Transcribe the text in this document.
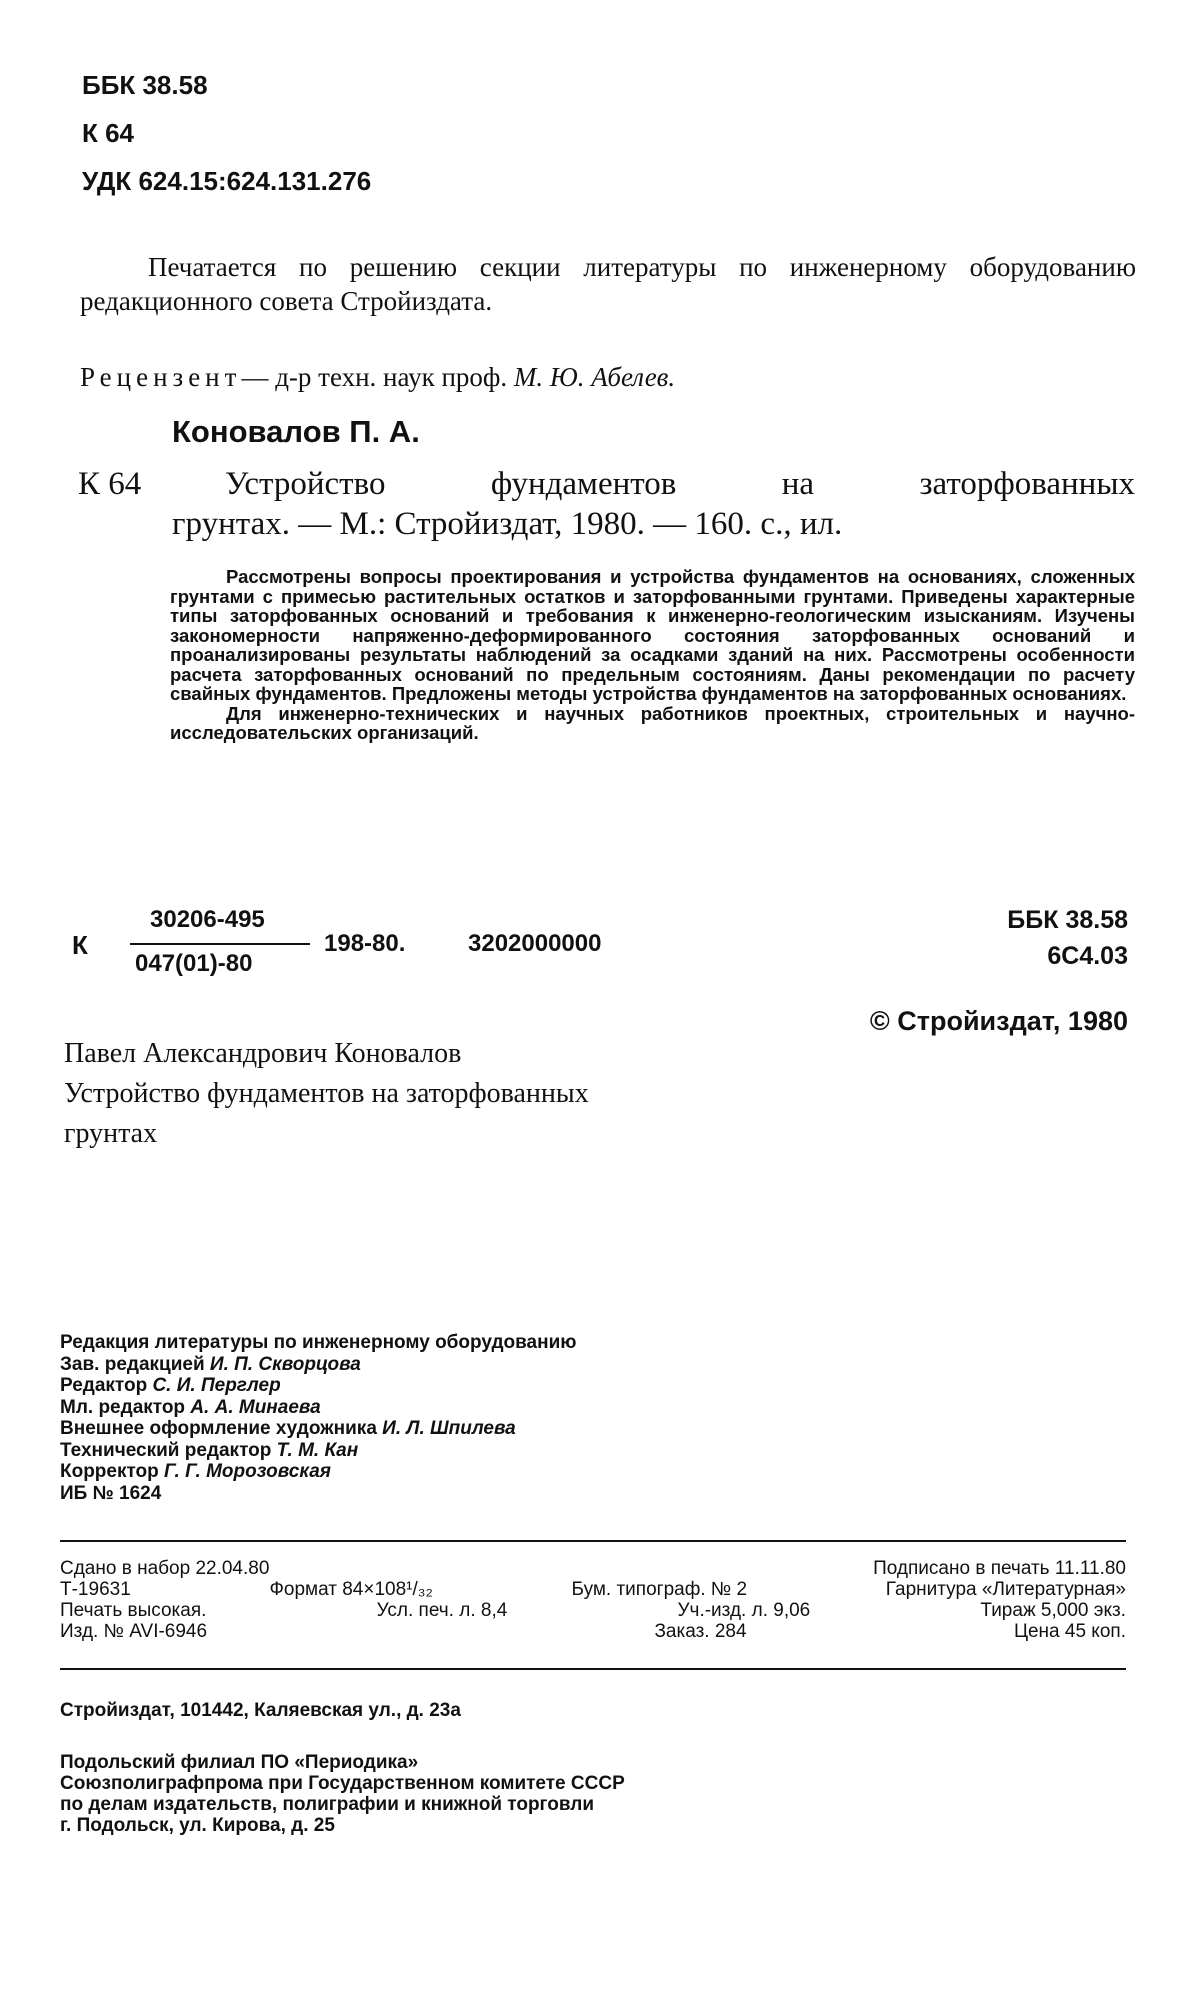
ББК 38.58
К 64
УДК 624.15:624.131.276
Печатается по решению секции литературы по инженерному оборудованию редакционного совета Стройиздата.
Рецензент— д-р техн. наук проф. М. Ю. Абелев.
Коновалов П. А.
К 64	Устройство фундаментов на заторфованных
грунтах. — М.: Стройиздат, 1980. — 160. с., ил.

Рассмотрены вопросы проектирования и устройства фундаментов на основаниях, сложенных грунтами с примесью растительных остатков и заторфованными грунтами. Приведены характерные типы заторфованных оснований и требования к инженерно-геологическим изысканиям. Изучены закономерности напряженно-деформированного состояния заторфованных оснований и проанализированы результаты наблюдений за осадками зданий на них. Рассмотрены особенности расчета заторфованных оснований по предельным состояниям. Даны рекомендации по расчету свайных фундаментов. Предложены методы устройства фундаментов на заторфованных основаниях.

Для инженерно-технических и научных работников проектных, строительных и научно-исследовательских организаций.

К
30206-495
047(01)-80
198-80.	3202000000
ББК 38.58
6С4.03
© Стройиздат, 1980
Павел Александрович Коновалов
Устройство фундаментов на заторфованных
грунтах
Редакция литературы по инженерному оборудованию
Зав. редакцией И. П. Скворцова
Редактор С. И. Перглер
Мл. редактор А. А. Минаева
Внешнее оформление художника И. Л. Шпилева
Технический редактор Т. М. Кан
Корректор Г. Г. Морозовская
ИБ № 1624
Сдано в набор 22.04.80	Подписано в печать 11.11.80
Т-19631	Формат 84×108¹/₃₂	Бум. типограф. № 2	Гарнитура «Литературная»
Печать высокая.	Усл. печ. л. 8,4	Уч.-изд. л. 9,06	Тираж 5,000 экз.
Изд. № AVI-6946	Заказ. 284	Цена 45 коп.
Стройиздат, 101442, Каляевская ул., д. 23а
Подольский филиал ПО «Периодика»
Союзполиграфпрома при Государственном комитете СССР
по делам издательств, полиграфии и книжной торговли
г. Подольск, ул. Кирова, д. 25
